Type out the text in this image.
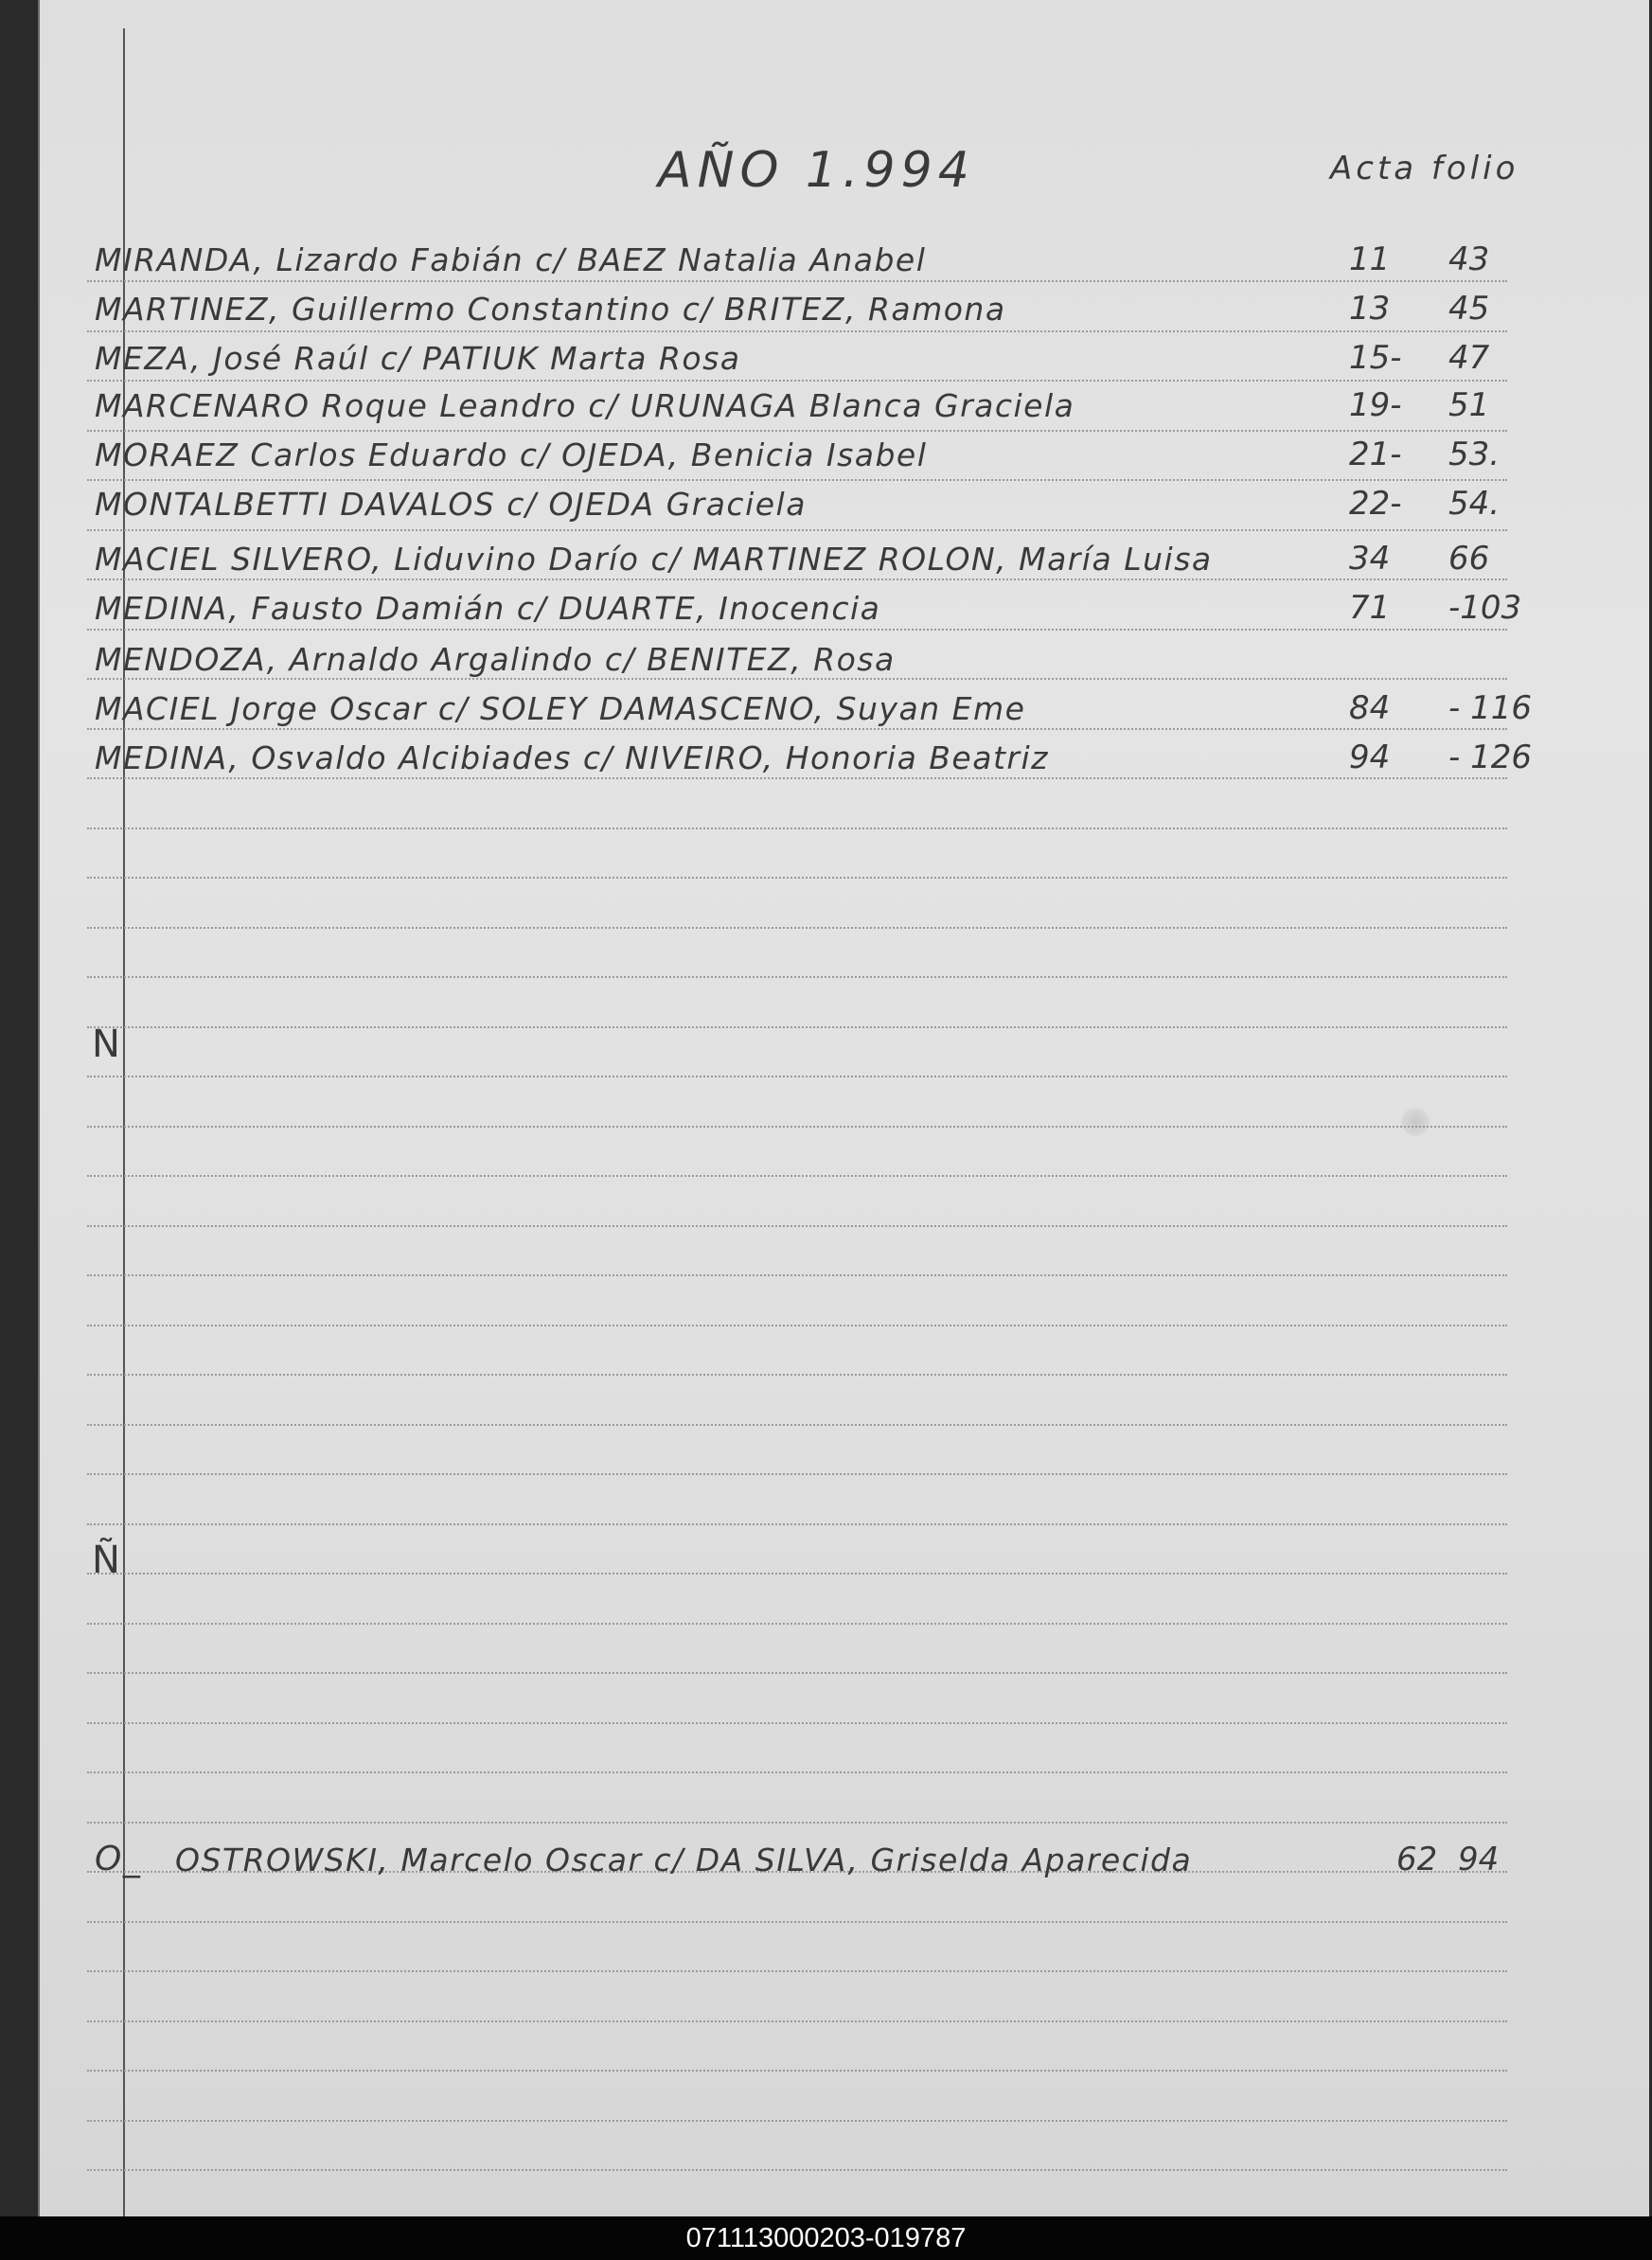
AÑO 1.994	Acta folio
MIRANDA, Lizardo Fabián c/ BAEZ Natalia Anabel	11 43
MARTINEZ, Guillermo Constantino c/ BRITEZ, Ramona	13 45
MEZA, José Raúl c/ PATIUK Marta Rosa	15- 47
MARCENARO Roque Leandro c/ URUNAGA Blanca Graciela	19- 51
MORAEZ Carlos Eduardo c/ OJEDA, Benicia Isabel	21- 53.
MONTALBETTI DAVALOS c/ OJEDA Graciela	22- 54.
MACIEL SILVERO, Liduvino Darío c/ MARTINEZ ROLON, María Luisa	34 66
MEDINA, Fausto Damián c/ DUARTE, Inocencia	71 -103
MENDOZA, Arnaldo Argalindo c/ BENITEZ, Rosa
MACIEL Jorge Oscar c/ SOLEY DAMASCENO, Suyan Eme	84 - 116
MEDINA, Osvaldo Alcibiades c/ NIVEIRO, Honoria Beatriz	94 - 126
N
Ñ
O_ OSTROWSKI, Marcelo Oscar c/ DA SILVA, Griselda Aparecida	62 94
071113000203-019787
